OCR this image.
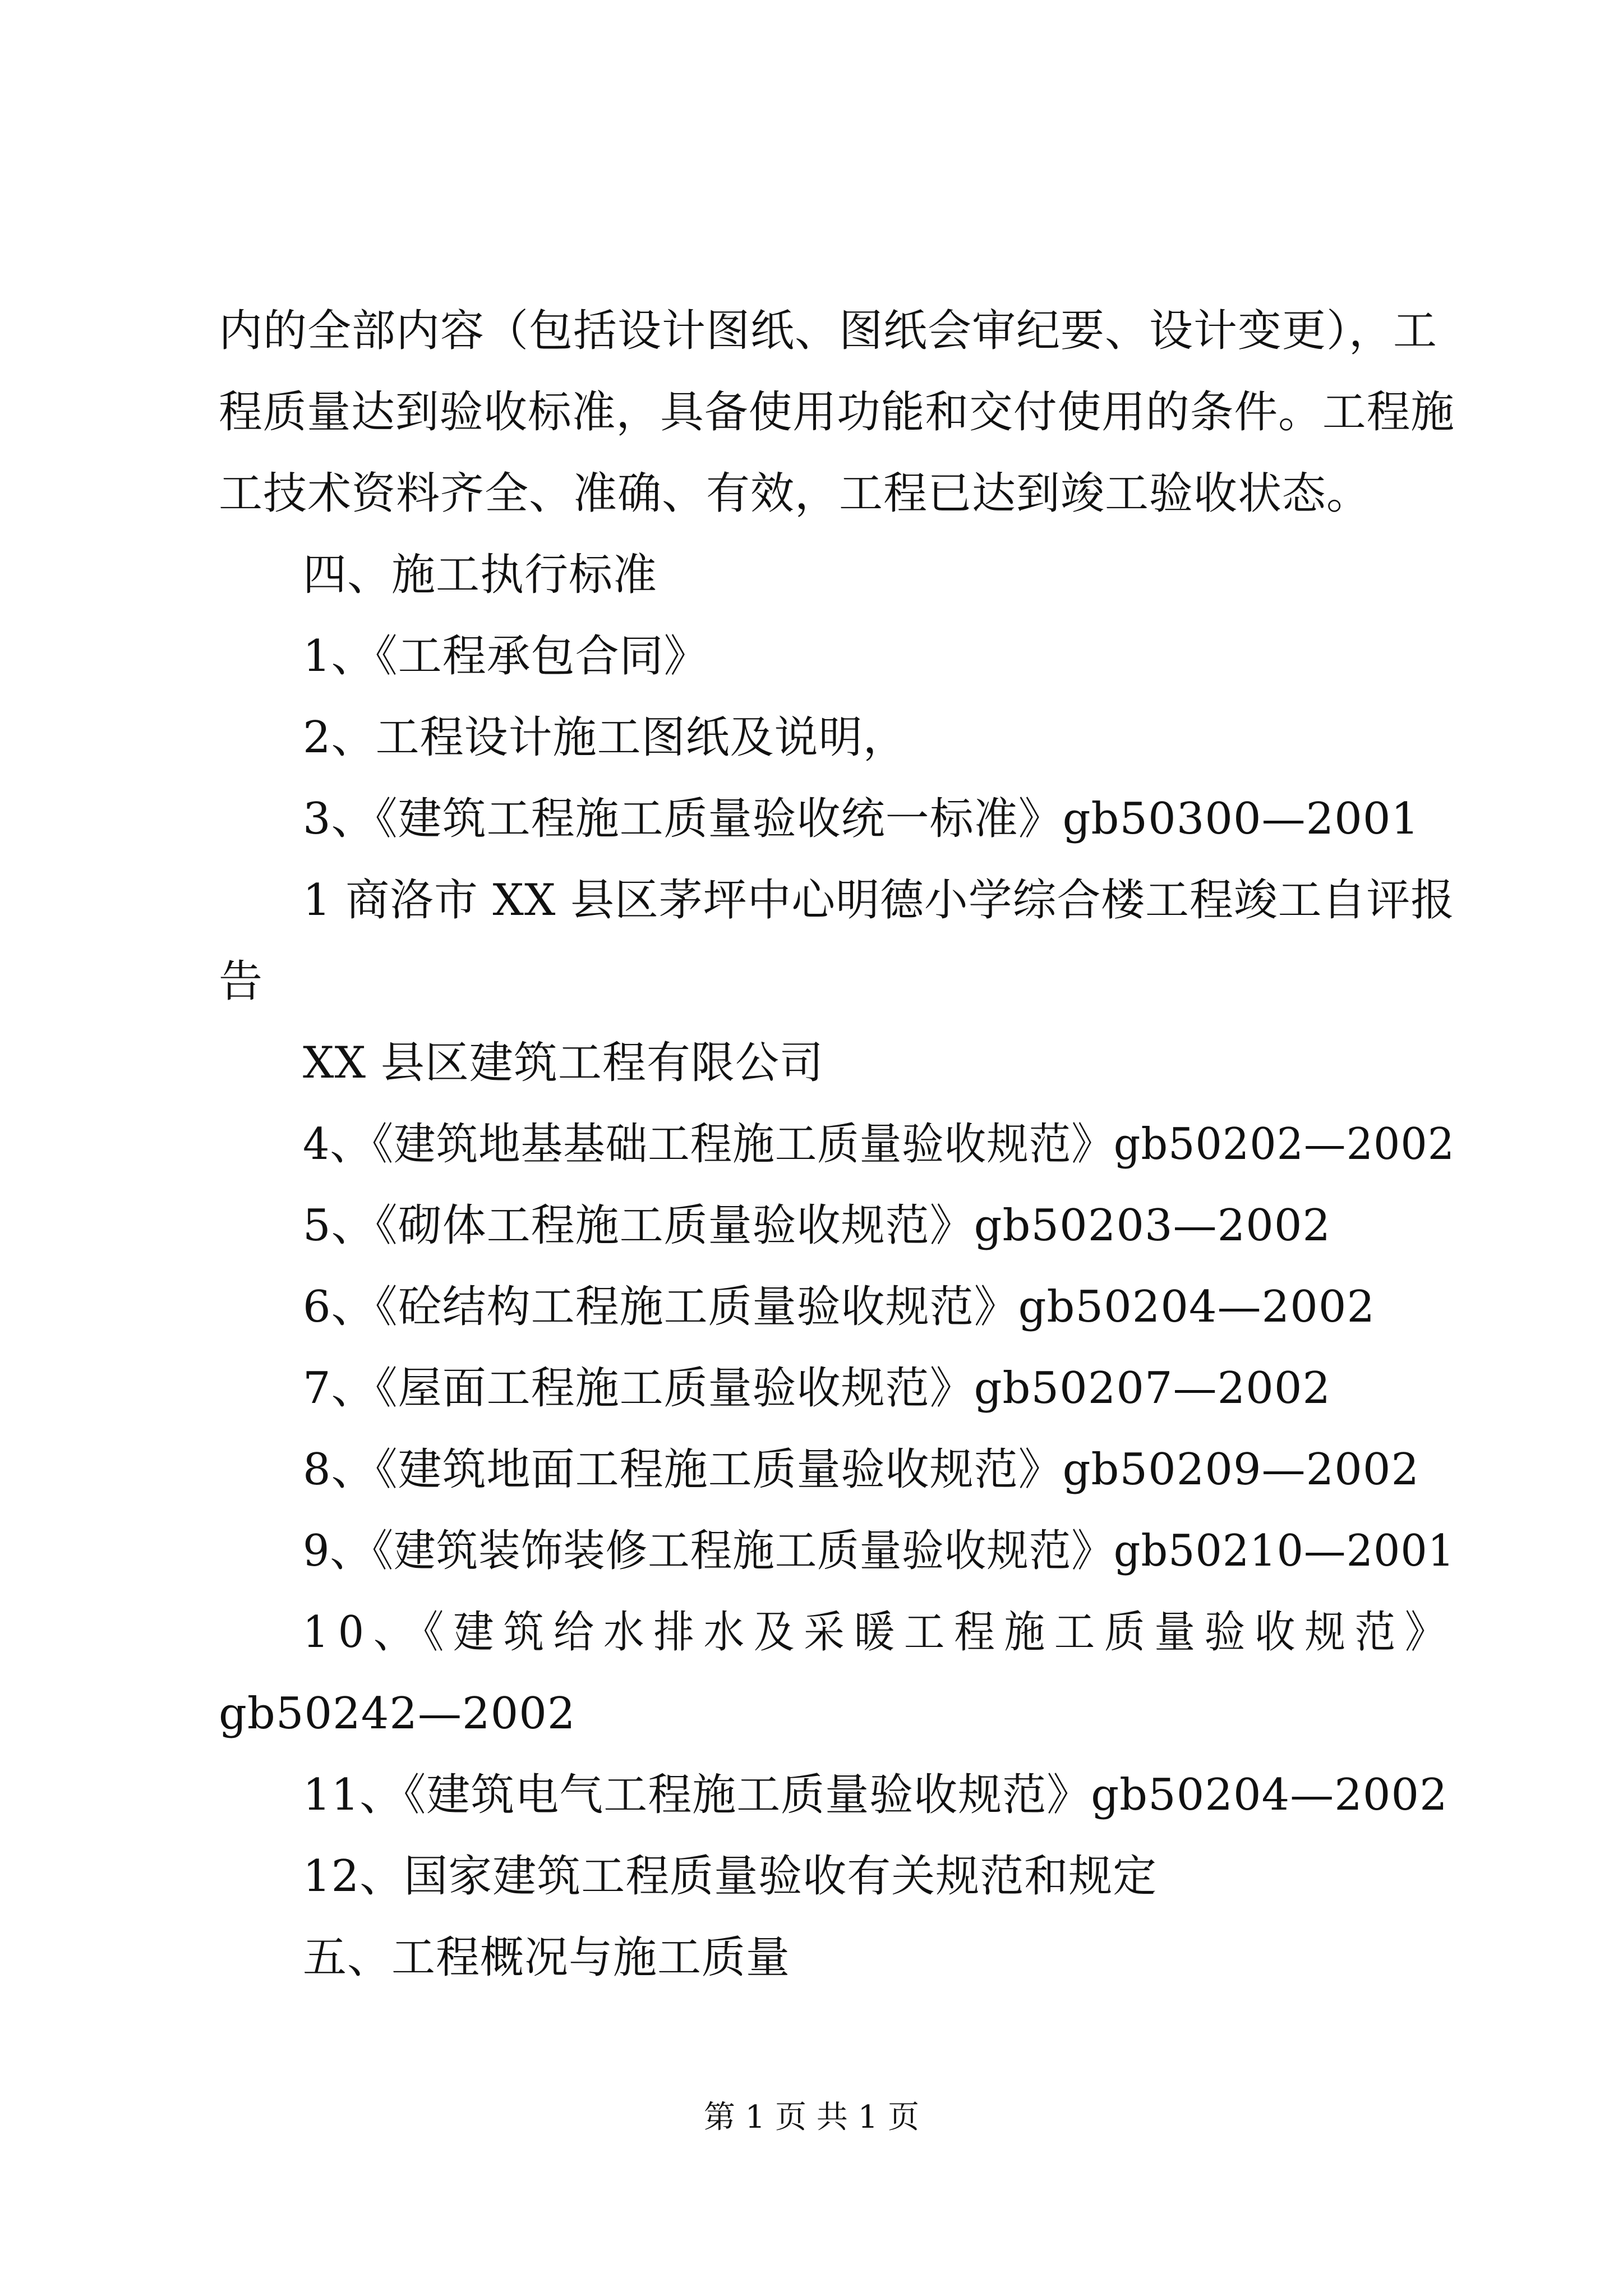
内的全部内容（包括设计图纸、图纸会审纪要、设计变更），工
程质量达到验收标准，具备使用功能和交付使用的条件。工程施
工技术资料齐全、准确、有效，工程已达到竣工验收状态。
四、施工执行标准
1、《工程承包合同》
2、工程设计施工图纸及说明，
3、《建筑工程施工质量验收统一标准》gb50300—2001
1 商洛市 XX 县区茅坪中心明德小学综合楼工程竣工自评报
告
XX 县区建筑工程有限公司
4、《建筑地基基础工程施工质量验收规范》gb50202—2002
5、《砌体工程施工质量验收规范》gb50203—2002
6、《砼结构工程施工质量验收规范》gb50204—2002
7、《屋面工程施工质量验收规范》gb50207—2002
8、《建筑地面工程施工质量验收规范》gb50209—2002
9、《建筑装饰装修工程施工质量验收规范》gb50210—2001
10、《建筑给水排水及采暖工程施工质量验收规范》
gb50242—2002
11、《建筑电气工程施工质量验收规范》gb50204—2002
12、国家建筑工程质量验收有关规范和规定
五、工程概况与施工质量
第 1 页 共 1 页
